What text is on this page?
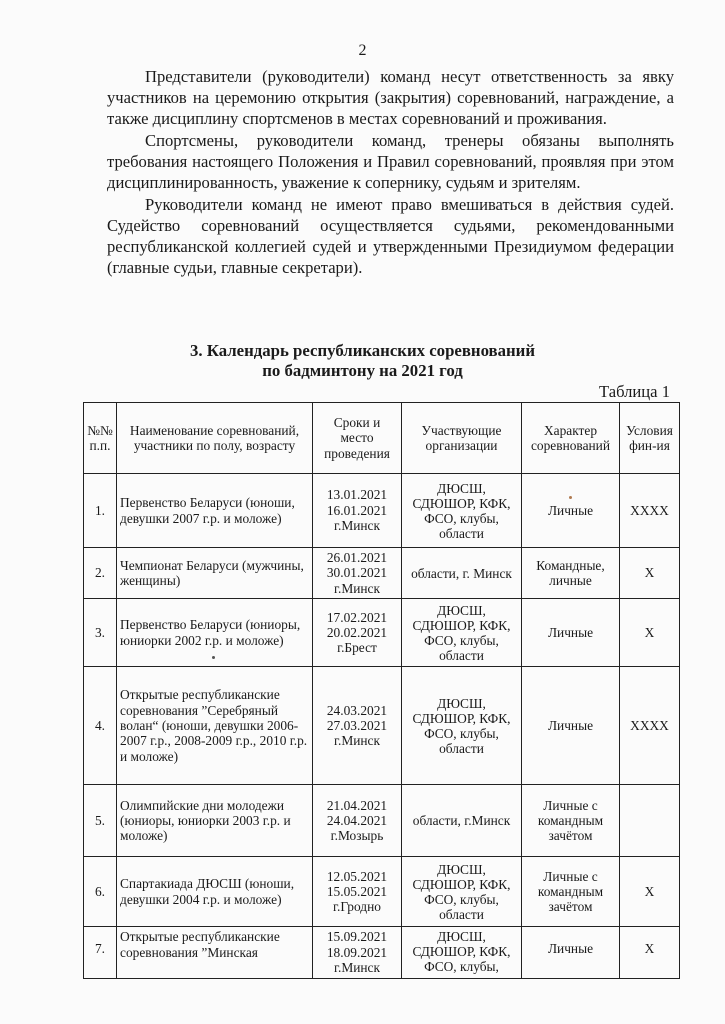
2

Представители (руководители) команд несут ответственность за явку участников на церемонию открытия (закрытия) соревнований, награждение, а также дисциплину спортсменов в местах соревнований и проживания.

Спортсмены, руководители команд, тренеры обязаны выполнять требования настоящего Положения и Правил соревнований, проявляя при этом дисциплинированность, уважение к сопернику, судьям и зрителям.

Руководители команд не имеют право вмешиваться в действия судей. Судейство соревнований осуществляется судьями, рекомендованными республиканской коллегией судей и утвержденными Президиумом федерации (главные судьи, главные секретари).

3. Календарь республиканских соревнований
по бадминтону на 2021 год
Таблица 1
№№ п.п.	Наименование соревнований, участники по полу, возрасту	Сроки и место проведения	Участвующие организации	Характер соревнований	Условия фин-ия
1.	Первенство Беларуси (юноши, девушки 2007 г.р. и моложе)	13.01.2021 16.01.2021 г.Минск	ДЮСШ, СДЮШОР, КФК, ФСО, клубы, области	Личные	ХХХХ
2.	Чемпионат Беларуси (мужчины, женщины)	26.01.2021 30.01.2021 г.Минск	области, г. Минск	Командные, личные	Х
3.	Первенство Беларуси (юниоры, юниорки 2002 г.р. и моложе)	17.02.2021 20.02.2021 г.Брест	ДЮСШ, СДЮШОР, КФК, ФСО, клубы, области	Личные	Х
4.	Открытые республиканские соревнования ”Серебряный волан“ (юноши, девушки 2006-2007 г.р., 2008-2009 г.р., 2010 г.р. и моложе)	24.03.2021 27.03.2021 г.Минск	ДЮСШ, СДЮШОР, КФК, ФСО, клубы, области	Личные	ХХХХ
5.	Олимпийские дни молодежи (юниоры, юниорки 2003 г.р. и моложе)	21.04.2021 24.04.2021 г.Мозырь	области, г.Минск	Личные с командным зачётом	
6.	Спартакиада ДЮСШ (юноши, девушки 2004 г.р. и моложе)	12.05.2021 15.05.2021 г.Гродно	ДЮСШ, СДЮШОР, КФК, ФСО, клубы, области	Личные с командным зачётом	Х
7.	Открытые республиканские соревнования ”Минская	15.09.2021 18.09.2021 г.Минск	ДЮСШ, СДЮШОР, КФК, ФСО, клубы,	Личные	Х
